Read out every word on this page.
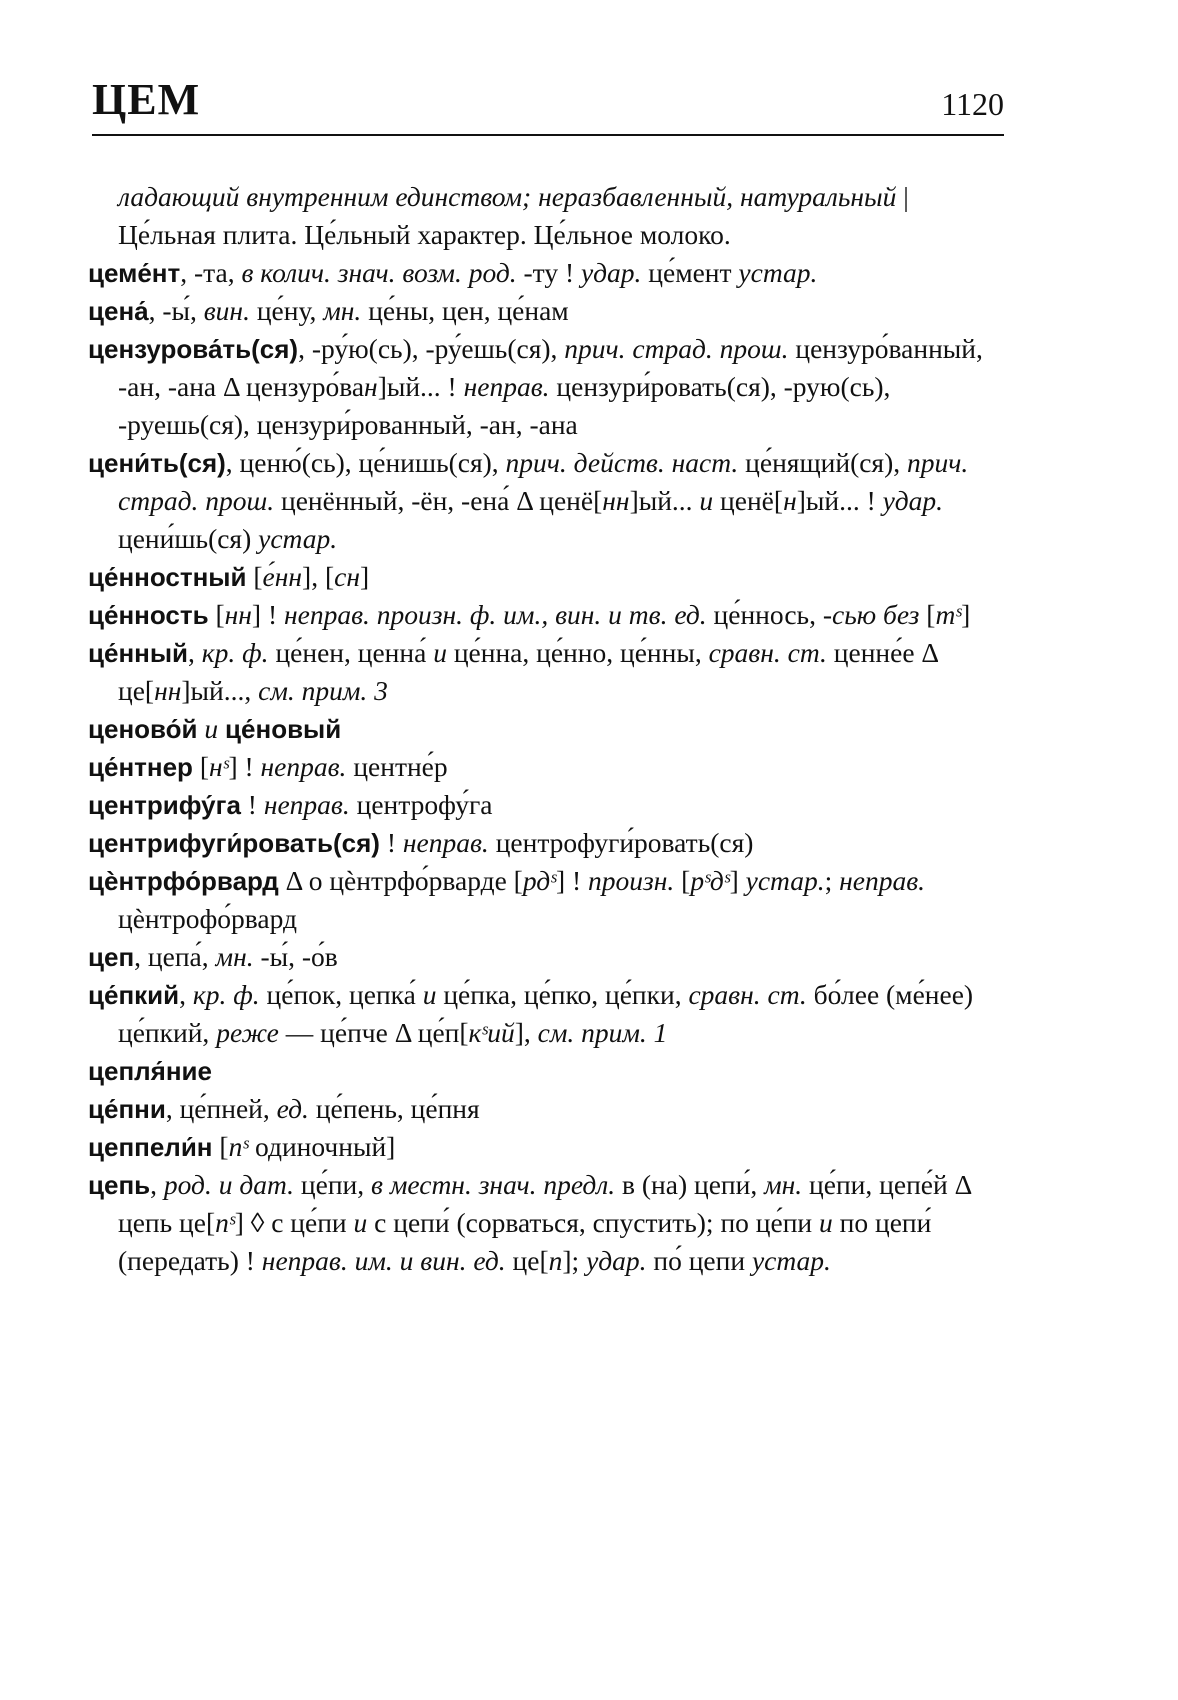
ЦЕМ	1120

ладающий внутренним единством; неразбавленный, натуральный | Це́льная плита. Це́льный характер. Це́льное молоко.

цеме́нт, -та, в колич. знач. возм. род. -ту ! удар. це́мент устар.

цена́, -ы́, вин. це́ну, мн. це́ны, цен, це́нам

цензурова́ть(ся), -ру́ю(сь), -ру́ешь(ся), прич. страд. прош. цензуро́ванный, -ан, -ана Δ цензуро́ван]ый... ! неправ. цензури́ровать(ся), -рую(сь), -руешь(ся), цензури́рованный, -ан, -ана

цени́ть(ся), ценю́(сь), це́нишь(ся), прич. действ. наст. це́нящий(ся), прич. страд. прош. ценённый, -ён, -ена́ Δ ценё[нн]ый... и ценё[н]ый... ! удар. цени́шь(ся) устар.

це́нностный [е́нн], [сн]

це́нность [нн] ! неправ. произн. ф. им., вин. и тв. ед. це́ннось, -сью без [тˢ]

це́нный, кр. ф. це́нен, ценна́ и це́нна, це́нно, це́нны, сравн. ст. ценне́е Δ це[нн]ый..., см. прим. 3

ценово́й и це́новый

це́нтнер [нˢ] ! неправ. центне́р

центрифу́га ! неправ. центрофу́га

центрифуги́ровать(ся) ! неправ. центрофуги́ровать(ся)

цѐнтрфо́рвард Δ о цѐнтрфо́рварде [рдˢ] ! произн. [рˢдˢ] устар.; неправ. цѐнтрофо́рвард

цеп, цепа́, мн. -ы́, -о́в

це́пкий, кр. ф. це́пок, цепка́ и це́пка, це́пко, це́пки, сравн. ст. бо́лее (ме́нее) це́пкий, реже — це́пче Δ це́п[кˢий], см. прим. 1

цепля́ние

це́пни, це́пней, ед. це́пень, це́пня

цеппели́н [пˢ одиночный]

цепь, род. и дат. це́пи, в местн. знач. предл. в (на) цепи́, мн. це́пи, цепе́й Δ цепь це[пˢ] ◊ с це́пи и с цепи́ (сорваться, спустить); по це́пи и по цепи́ (передать) ! неправ. им. и вин. ед. це[п]; удар. по́ цепи устар.
